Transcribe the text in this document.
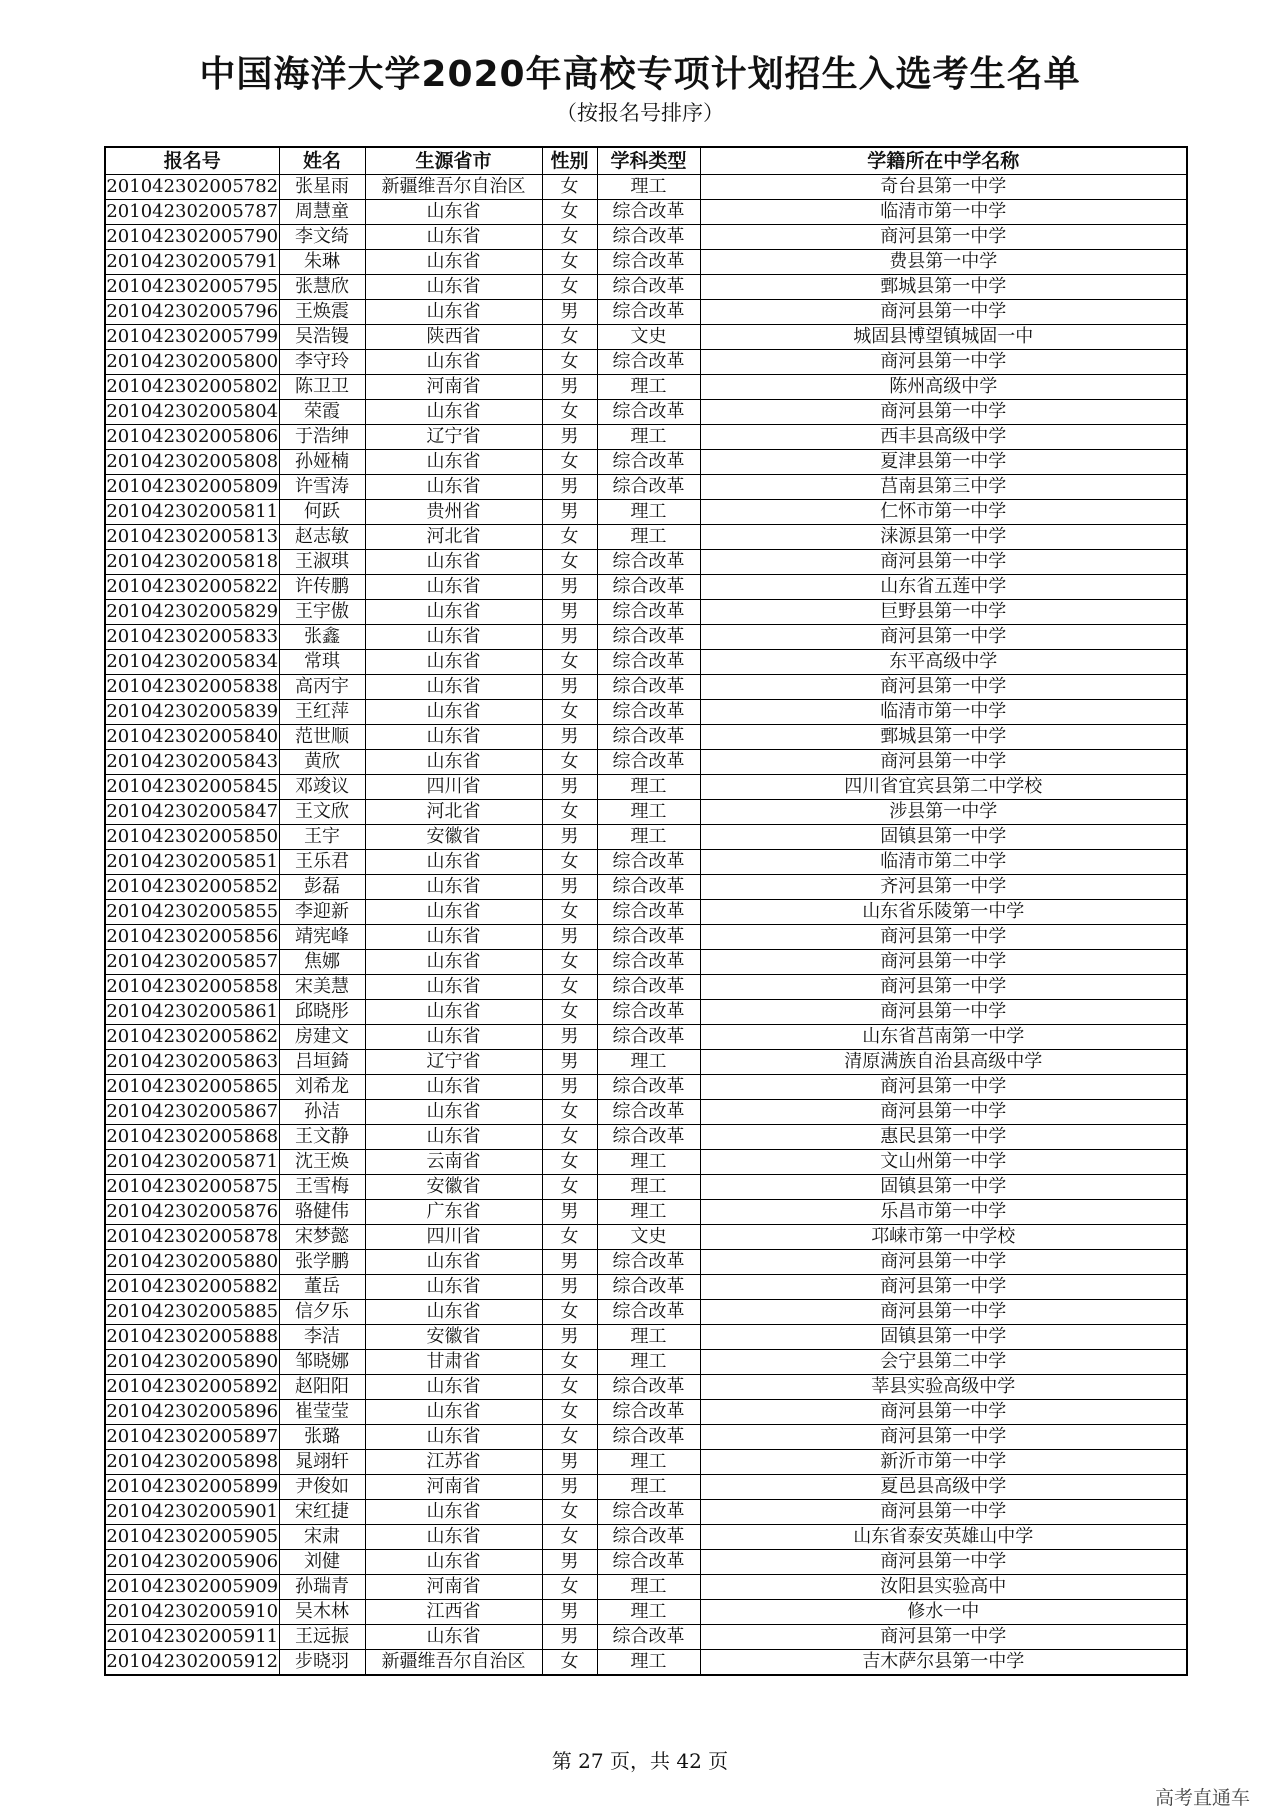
中国海洋大学2020年高校专项计划招生入选考生名单
（按报名号排序）
报名号	姓名	生源省市	性别	学科类型	学籍所在中学名称
201042302005782	张星雨	新疆维吾尔自治区	女	理工	奇台县第一中学
201042302005787	周慧童	山东省	女	综合改革	临清市第一中学
201042302005790	李文绮	山东省	女	综合改革	商河县第一中学
201042302005791	朱琳	山东省	女	综合改革	费县第一中学
201042302005795	张慧欣	山东省	女	综合改革	鄄城县第一中学
201042302005796	王焕震	山东省	男	综合改革	商河县第一中学
201042302005799	吴浩镘	陕西省	女	文史	城固县博望镇城固一中
201042302005800	李守玲	山东省	女	综合改革	商河县第一中学
201042302005802	陈卫卫	河南省	男	理工	陈州高级中学
201042302005804	荣霞	山东省	女	综合改革	商河县第一中学
201042302005806	于浩绅	辽宁省	男	理工	西丰县高级中学
201042302005808	孙娅楠	山东省	女	综合改革	夏津县第一中学
201042302005809	许雪涛	山东省	男	综合改革	莒南县第三中学
201042302005811	何跃	贵州省	男	理工	仁怀市第一中学
201042302005813	赵志敏	河北省	女	理工	涞源县第一中学
201042302005818	王淑琪	山东省	女	综合改革	商河县第一中学
201042302005822	许传鹏	山东省	男	综合改革	山东省五莲中学
201042302005829	王宇傲	山东省	男	综合改革	巨野县第一中学
201042302005833	张鑫	山东省	男	综合改革	商河县第一中学
201042302005834	常琪	山东省	女	综合改革	东平高级中学
201042302005838	高丙宇	山东省	男	综合改革	商河县第一中学
201042302005839	王红萍	山东省	女	综合改革	临清市第一中学
201042302005840	范世顺	山东省	男	综合改革	鄄城县第一中学
201042302005843	黄欣	山东省	女	综合改革	商河县第一中学
201042302005845	邓竣议	四川省	男	理工	四川省宜宾县第二中学校
201042302005847	王文欣	河北省	女	理工	涉县第一中学
201042302005850	王宇	安徽省	男	理工	固镇县第一中学
201042302005851	王乐君	山东省	女	综合改革	临清市第二中学
201042302005852	彭磊	山东省	男	综合改革	齐河县第一中学
201042302005855	李迎新	山东省	女	综合改革	山东省乐陵第一中学
201042302005856	靖宪峰	山东省	男	综合改革	商河县第一中学
201042302005857	焦娜	山东省	女	综合改革	商河县第一中学
201042302005858	宋美慧	山东省	女	综合改革	商河县第一中学
201042302005861	邱晓彤	山东省	女	综合改革	商河县第一中学
201042302005862	房建文	山东省	男	综合改革	山东省莒南第一中学
201042302005863	吕垣錡	辽宁省	男	理工	清原满族自治县高级中学
201042302005865	刘希龙	山东省	男	综合改革	商河县第一中学
201042302005867	孙洁	山东省	女	综合改革	商河县第一中学
201042302005868	王文静	山东省	女	综合改革	惠民县第一中学
201042302005871	沈王焕	云南省	女	理工	文山州第一中学
201042302005875	王雪梅	安徽省	女	理工	固镇县第一中学
201042302005876	骆健伟	广东省	男	理工	乐昌市第一中学
201042302005878	宋梦懿	四川省	女	文史	邛崃市第一中学校
201042302005880	张学鹏	山东省	男	综合改革	商河县第一中学
201042302005882	董岳	山东省	男	综合改革	商河县第一中学
201042302005885	信夕乐	山东省	女	综合改革	商河县第一中学
201042302005888	李洁	安徽省	男	理工	固镇县第一中学
201042302005890	邹晓娜	甘肃省	女	理工	会宁县第二中学
201042302005892	赵阳阳	山东省	女	综合改革	莘县实验高级中学
201042302005896	崔莹莹	山东省	女	综合改革	商河县第一中学
201042302005897	张璐	山东省	女	综合改革	商河县第一中学
201042302005898	晁翊轩	江苏省	男	理工	新沂市第一中学
201042302005899	尹俊如	河南省	男	理工	夏邑县高级中学
201042302005901	宋红捷	山东省	女	综合改革	商河县第一中学
201042302005905	宋肃	山东省	女	综合改革	山东省泰安英雄山中学
201042302005906	刘健	山东省	男	综合改革	商河县第一中学
201042302005909	孙瑞青	河南省	女	理工	汝阳县实验高中
201042302005910	吴木林	江西省	男	理工	修水一中
201042302005911	王远振	山东省	男	综合改革	商河县第一中学
201042302005912	步晓羽	新疆维吾尔自治区	女	理工	吉木萨尔县第一中学
第 27 页，共 42 页
高考直通车
